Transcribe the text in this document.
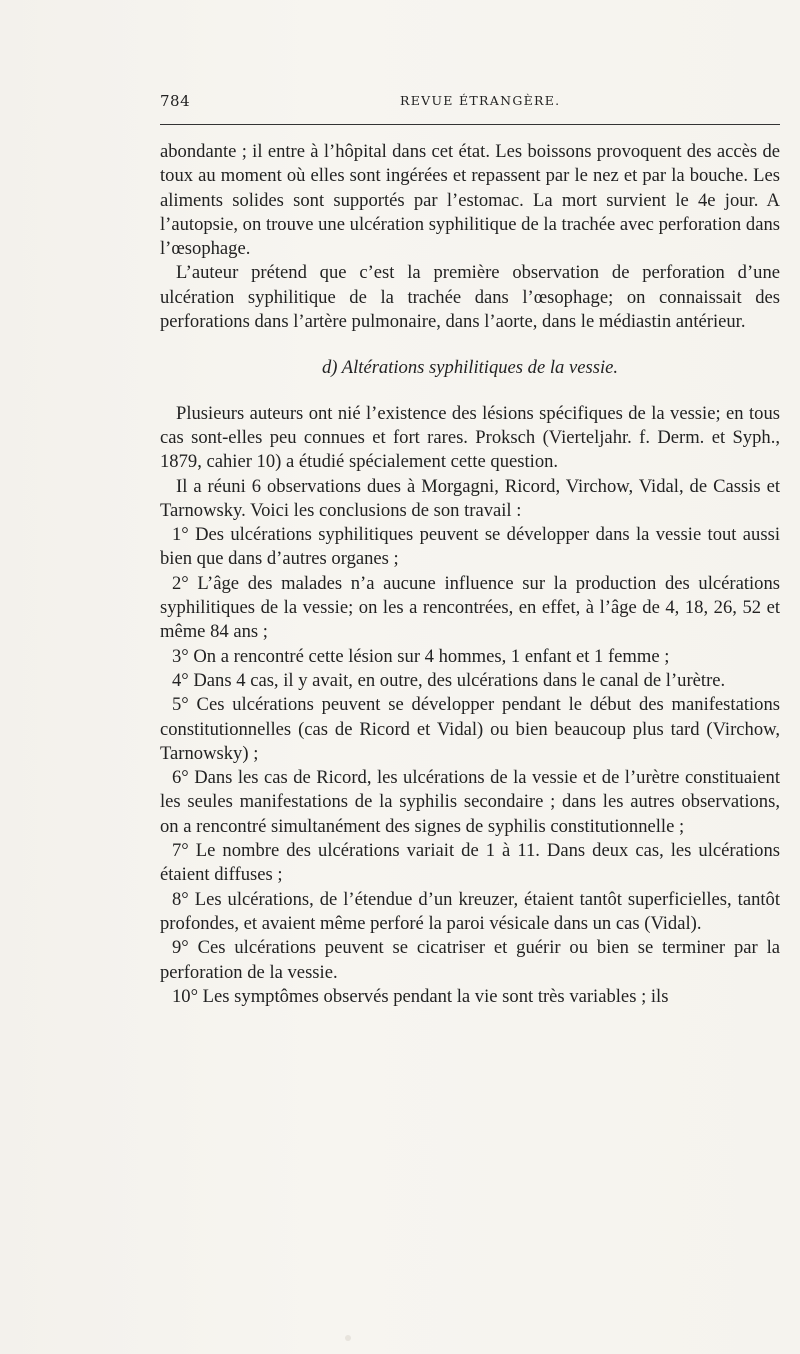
784	REVUE ÉTRANGÈRE.

abondante ; il entre à l’hôpital dans cet état. Les boissons provoquent des accès de toux au moment où elles sont ingérées et repassent par le nez et par la bouche. Les aliments solides sont supportés par l’estomac. La mort survient le 4e jour. A l’autopsie, on trouve une ulcération syphilitique de la trachée avec perforation dans l’œsophage.

L’auteur prétend que c’est la première observation de perforation d’une ulcération syphilitique de la trachée dans l’œsophage; on connaissait des perforations dans l’artère pulmonaire, dans l’aorte, dans le médiastin antérieur.

d) Altérations syphilitiques de la vessie.

Plusieurs auteurs ont nié l’existence des lésions spécifiques de la vessie; en tous cas sont-elles peu connues et fort rares. Proksch (Vierteljahr. f. Derm. et Syph., 1879, cahier 10) a étudié spécialement cette question.

Il a réuni 6 observations dues à Morgagni, Ricord, Virchow, Vidal, de Cassis et Tarnowsky. Voici les conclusions de son travail :

1° Des ulcérations syphilitiques peuvent se développer dans la vessie tout aussi bien que dans d’autres organes ;

2° L’âge des malades n’a aucune influence sur la production des ulcérations syphilitiques de la vessie; on les a rencontrées, en effet, à l’âge de 4, 18, 26, 52 et même 84 ans ;

3° On a rencontré cette lésion sur 4 hommes, 1 enfant et 1 femme ;

4° Dans 4 cas, il y avait, en outre, des ulcérations dans le canal de l’urètre.

5° Ces ulcérations peuvent se développer pendant le début des manifestations constitutionnelles (cas de Ricord et Vidal) ou bien beaucoup plus tard (Virchow, Tarnowsky) ;

6° Dans les cas de Ricord, les ulcérations de la vessie et de l’urètre constituaient les seules manifestations de la syphilis secondaire ; dans les autres observations, on a rencontré simultanément des signes de syphilis constitutionnelle ;

7° Le nombre des ulcérations variait de 1 à 11. Dans deux cas, les ulcérations étaient diffuses ;

8° Les ulcérations, de l’étendue d’un kreuzer, étaient tantôt superficielles, tantôt profondes, et avaient même perforé la paroi vésicale dans un cas (Vidal).

9° Ces ulcérations peuvent se cicatriser et guérir ou bien se terminer par la perforation de la vessie.

10° Les symptômes observés pendant la vie sont très variables ; ils
